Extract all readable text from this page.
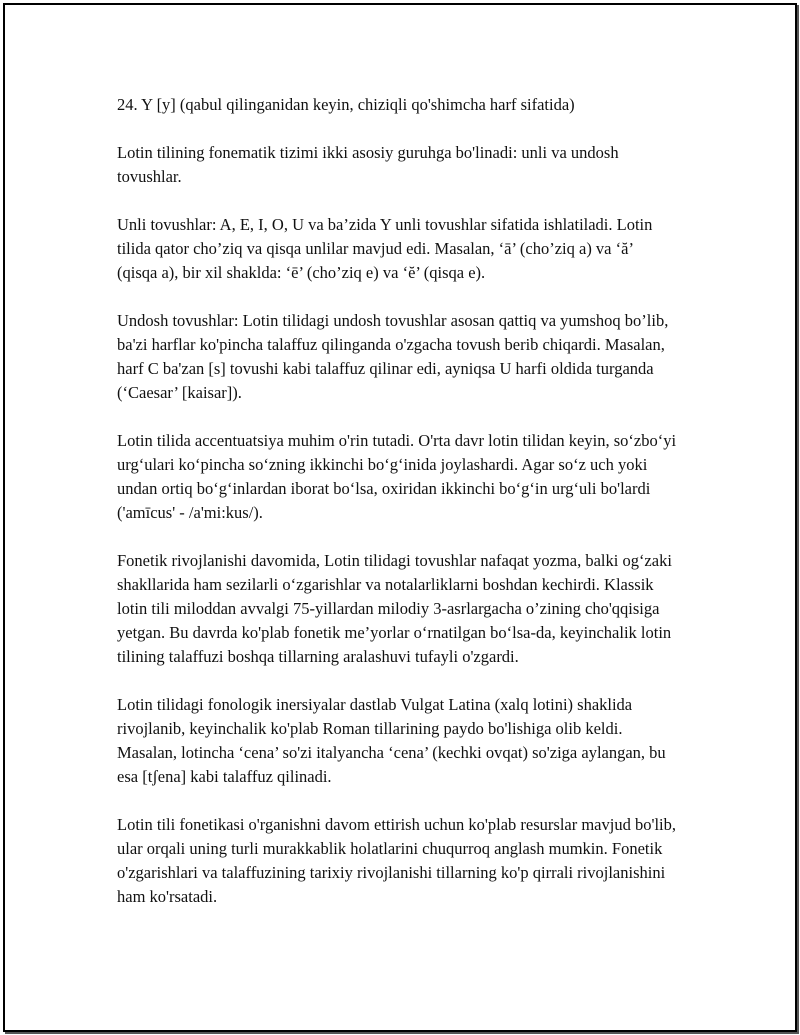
24. Y [y] (qabul qilinganidan keyin, chiziqli qo'shimcha harf sifatida)

Lotin tilining fonematik tizimi ikki asosiy guruhga bo'linadi: unli va undosh tovushlar.

Unli tovushlar: A, E, I, O, U va ba’zida Y unli tovushlar sifatida ishlatiladi. Lotin tilida qator cho’ziq va qisqa unlilar mavjud edi. Masalan, ‘ā’ (cho’ziq a) va ‘ă’ (qisqa a), bir xil shaklda: ‘ē’ (cho’ziq e) va ‘ĕ’ (qisqa e).

Undosh tovushlar: Lotin tilidagi undosh tovushlar asosan qattiq va yumshoq bo’lib, ba'zi harflar ko'pincha talaffuz qilinganda o'zgacha tovush berib chiqardi. Masalan, harf C ba'zan [s] tovushi kabi talaffuz qilinar edi, ayniqsa U harfi oldida turganda (‘Caesar’ [kaisar]).

Lotin tilida accentuatsiya muhim o'rin tutadi. O'rta davr lotin tilidan keyin, so‘zbo‘yi urg‘ulari ko‘pincha so‘zning ikkinchi bo‘g‘inida joylashardi. Agar so‘z uch yoki undan ortiq bo‘g‘inlardan iborat bo‘lsa, oxiridan ikkinchi bo‘g‘in urg‘uli bo'lardi ('amīcus' - /a'mi:kus/).

Fonetik rivojlanishi davomida, Lotin tilidagi tovushlar nafaqat yozma, balki og‘zaki shakllarida ham sezilarli o‘zgarishlar va notalarliklarni boshdan kechirdi. Klassik lotin tili miloddan avvalgi 75-yillardan milodiy 3-asrlargacha o’zining cho'qqisiga yetgan. Bu davrda ko'plab fonetik me’yorlar o‘rnatilgan bo‘lsa-da, keyinchalik lotin tilining talaffuzi boshqa tillarning aralashuvi tufayli o'zgardi.

Lotin tilidagi fonologik inersiyalar dastlab Vulgat Latina (xalq lotini) shaklida rivojlanib, keyinchalik ko'plab Roman tillarining paydo bo'lishiga olib keldi. Masalan, lotincha ‘cena’ so'zi italyancha ‘cena’ (kechki ovqat) so'ziga aylangan, bu esa [tʃena] kabi talaffuz qilinadi.

Lotin tili fonetikasi o'rganishni davom ettirish uchun ko'plab resurslar mavjud bo'lib, ular orqali uning turli murakkablik holatlarini chuqurroq anglash mumkin. Fonetik o'zgarishlari va talaffuzining tarixiy rivojlanishi tillarning ko'p qirrali rivojlanishini ham ko'rsatadi.
